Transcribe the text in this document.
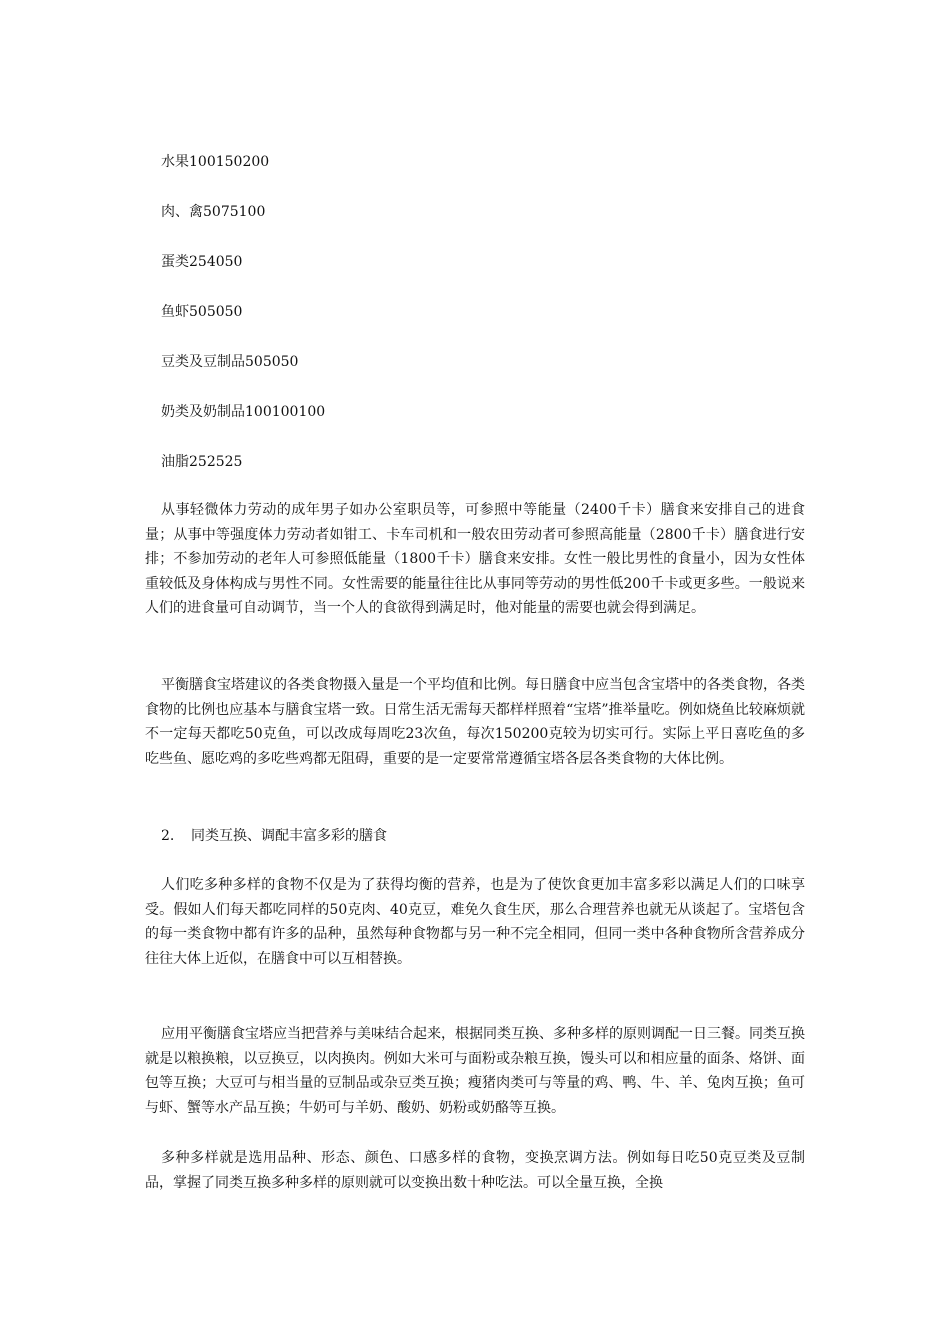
水果100150200
肉、禽5075100
蛋类254050
鱼虾505050
豆类及豆制品505050
奶类及奶制品100100100
油脂252525

从事轻微体力劳动的成年男子如办公室职员等，可参照中等能量（2400千卡）膳食来安排自己的进食量；从事中等强度体力劳动者如钳工、卡车司机和一般农田劳动者可参照高能量（2800千卡）膳食进行安排；不参加劳动的老年人可参照低能量（1800千卡）膳食来安排。女性一般比男性的食量小，因为女性体重较低及身体构成与男性不同。女性需要的能量往往比从事同等劳动的男性低200千卡或更多些。一般说来人们的进食量可自动调节，当一个人的食欲得到满足时，他对能量的需要也就会得到满足。

平衡膳食宝塔建议的各类食物摄入量是一个平均值和比例。每日膳食中应当包含宝塔中的各类食物，各类食物的比例也应基本与膳食宝塔一致。日常生活无需每天都样样照着“宝塔”推举量吃。例如烧鱼比较麻烦就不一定每天都吃50克鱼，可以改成每周吃23次鱼，每次150200克较为切实可行。实际上平日喜吃鱼的多吃些鱼、愿吃鸡的多吃些鸡都无阻碍，重要的是一定要常常遵循宝塔各层各类食物的大体比例。

2. 同类互换、调配丰富多彩的膳食

人们吃多种多样的食物不仅是为了获得均衡的营养，也是为了使饮食更加丰富多彩以满足人们的口味享受。假如人们每天都吃同样的50克肉、40克豆，难免久食生厌，那么合理营养也就无从谈起了。宝塔包含的每一类食物中都有许多的品种，虽然每种食物都与另一种不完全相同，但同一类中各种食物所含营养成分往往大体上近似，在膳食中可以互相替换。

应用平衡膳食宝塔应当把营养与美味结合起来，根据同类互换、多种多样的原则调配一日三餐。同类互换就是以粮换粮，以豆换豆，以肉换肉。例如大米可与面粉或杂粮互换，馒头可以和相应量的面条、烙饼、面包等互换；大豆可与相当量的豆制品或杂豆类互换；瘦猪肉类可与等量的鸡、鸭、牛、羊、兔肉互换；鱼可与虾、蟹等水产品互换；牛奶可与羊奶、酸奶、奶粉或奶酪等互换。

多种多样就是选用品种、形态、颜色、口感多样的食物，变换烹调方法。例如每日吃50克豆类及豆制品，掌握了同类互换多种多样的原则就可以变换出数十种吃法。可以全量互换，全换
